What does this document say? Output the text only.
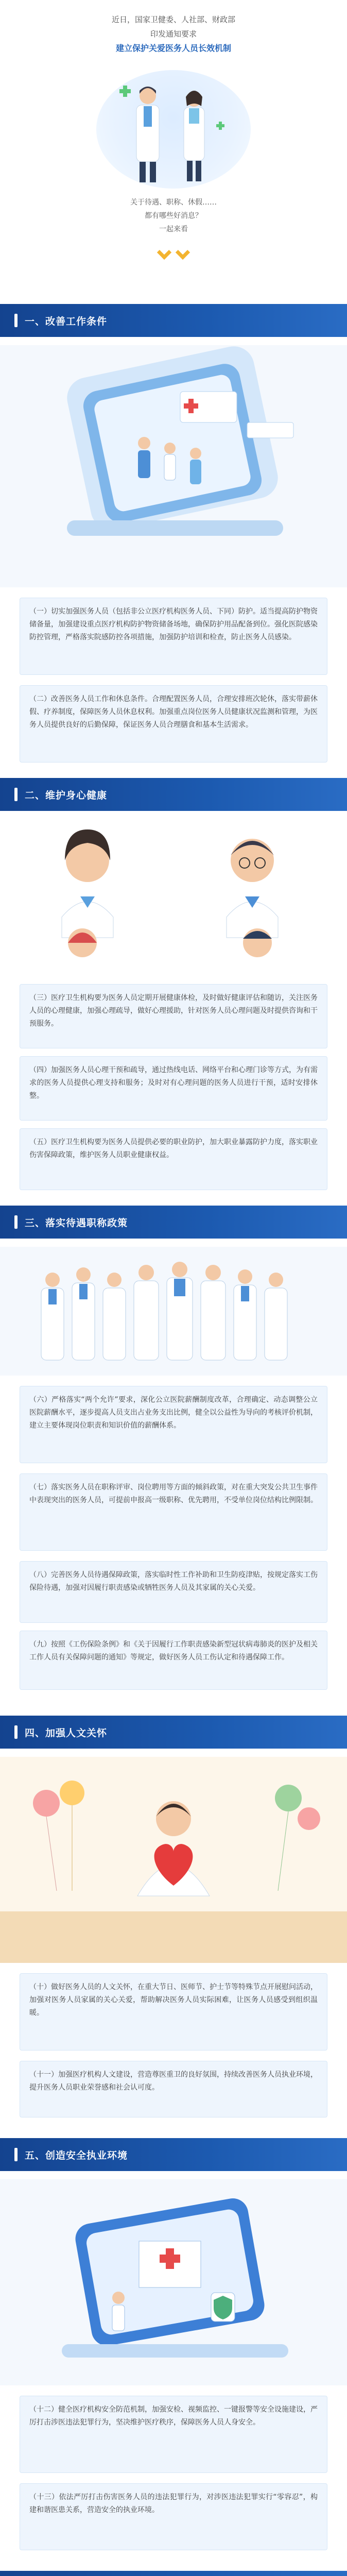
近日，国家卫健委、人社部、财政部
印发通知要求
建立保护关爱医务人员长效机制
关于待遇、职称、休假……
都有哪些好消息？
一起来看
一、改善工作条件
（一）切实加强医务人员（包括非公立医疗机构医务人员、下同）防护。适当提高防护物资储备量，加强建设重点医疗机构防护物资储备场地，确保防护用品配备到位。强化医院感染防控管理，严格落实院感防控各项措施，加强防护培训和检查，防止医务人员感染。
（二）改善医务人员工作和休息条件。合理配置医务人员，合理安排班次轮休，落实带薪休假、疗养制度，保障医务人员休息权利。加强重点岗位医务人员健康状况监测和管理，为医务人员提供良好的后勤保障，保证医务人员合理膳食和基本生活需求。
二、维护身心健康
（三）医疗卫生机构要为医务人员定期开展健康体检，及时做好健康评估和随访，关注医务人员的心理健康，加强心理疏导，做好心理援助，针对医务人员心理问题及时提供咨询和干预服务。
（四）加强医务人员心理干预和疏导，通过热线电话、网络平台和心理门诊等方式，为有需求的医务人员提供心理支持和服务；及时对有心理问题的医务人员进行干预，适时安排休整。
（五）医疗卫生机构要为医务人员提供必要的职业防护，加大职业暴露防护力度，落实职业伤害保障政策，维护医务人员职业健康权益。
三、落实待遇职称政策
（六）严格落实“两个允许”要求，深化公立医院薪酬制度改革，合理确定、动态调整公立医院薪酬水平，逐步提高人员支出占业务支出比例，健全以公益性为导向的考核评价机制，建立主要体现岗位职责和知识价值的薪酬体系。
（七）落实医务人员在职称评审、岗位聘用等方面的倾斜政策，对在重大突发公共卫生事件中表现突出的医务人员，可提前申报高一级职称、优先聘用，不受单位岗位结构比例限制。
（八）完善医务人员待遇保障政策，落实临时性工作补助和卫生防疫津贴，按规定落实工伤保险待遇，加强对因履行职责感染或牺牲医务人员及其家属的关心关爱。
（九）按照《工伤保险条例》和《关于因履行工作职责感染新型冠状病毒肺炎的医护及相关工作人员有关保障问题的通知》等规定，做好医务人员工伤认定和待遇保障工作。
四、加强人文关怀
（十）做好医务人员的人文关怀，在重大节日、医师节、护士节等特殊节点开展慰问活动，加强对医务人员家属的关心关爱，帮助解决医务人员实际困难，让医务人员感受到组织温暖。
（十一）加强医疗机构人文建设，营造尊医重卫的良好氛围，持续改善医务人员执业环境，提升医务人员职业荣誉感和社会认可度。
五、创造安全执业环境
（十二）健全医疗机构安全防范机制，加强安检、视频监控、一键报警等安全设施建设，严厉打击涉医违法犯罪行为，坚决维护医疗秩序，保障医务人员人身安全。
（十三）依法严厉打击伤害医务人员的违法犯罪行为，对涉医违法犯罪实行“零容忍”，构建和谐医患关系，营造安全的执业环境。
